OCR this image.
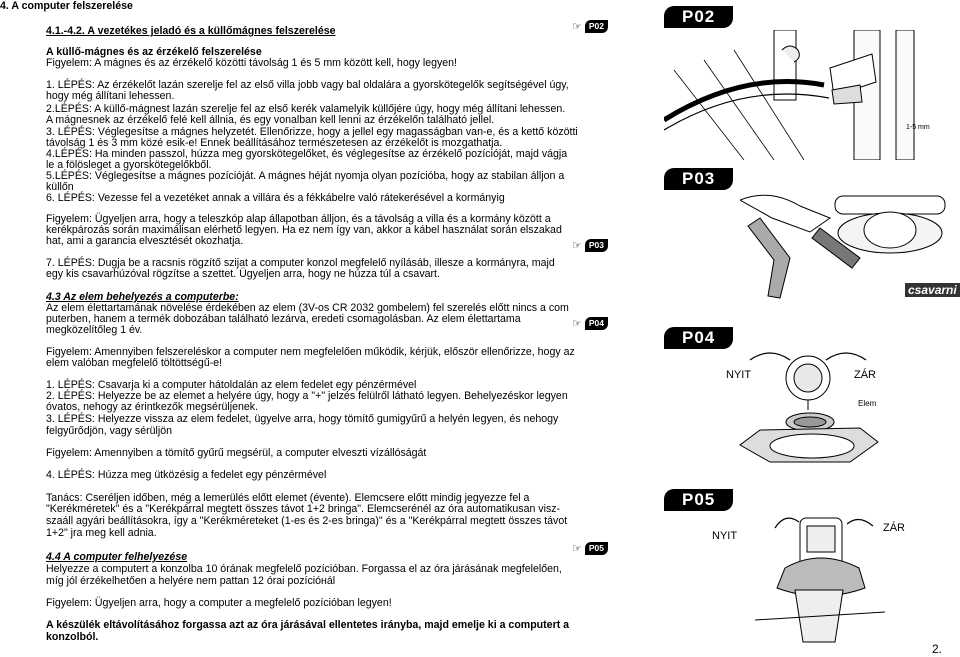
4. A computer felszerelése
4.1.-4.2. A vezetékes jeladó és a küllőmágnes felszerelése	☞ P02
A küllő-mágnes és az érzékelő felszerelése
Figyelem: A mágnes és az érzékelő közötti távolság 1 és 5 mm között kell, hogy legyen!
1. LÉPÉS: Az érzékelőt lazán szerelje fel az első villa jobb vagy bal oldalára a gyorskötegelők segítségével úgy,
hogy még állítani lehessen.
2.LÉPÉS: A küllő-mágnest lazán szerelje fel az első kerék valamelyik küllőjére úgy, hogy még állítani lehessen.
A mágnesnek az érzékelő felé kell állnia, és egy vonalban kell lenni az érzékelőn található jellel.
3. LÉPÉS: Véglegesítse a mágnes helyzetét. Ellenőrizze, hogy a jellel egy magasságban van-e, és a kettő közötti
távolság 1 és 3 mm közé esik-e! Ennek beállításához természetesen az érzékelőt is mozgathatja.
4.LÉPÉS: Ha minden passzol, húzza meg gyorskötegelőket, és véglegesítse az érzékelő pozícióját, majd vágja
le a fölösleget a gyorskötegelőkből.
5.LÉPÉS: Véglegesítse a mágnes pozícióját. A mágnes héját nyomja olyan pozícióba, hogy az stabilan álljon a
küllőn
6. LÉPÉS: Vezesse fel a vezetéket annak a villára és a fékkábelre való rátekerésével a kormányig
Figyelem: Ügyeljen arra, hogy a teleszkóp alap állapotban álljon, és a távolság a villa és a kormány között a
kerékpározás során maximálisan elérhető legyen. Ha ez nem így van, akkor a kábel használat során elszakad
hat, ami a garancia elvesztését okozhatja.	☞ P03
7. LÉPÉS: Dugja be a racsnis rögzítő szijat a computer konzol megfelelő nyílásáb, illesze a kormányra, majd
egy kis csavarhúzóval rögzítse a szettet. Ügyeljen arra, hogy ne húzza túl a csavart.
4.3 Az elem behelyezés a computerbe:
Az elem élettartamának növelése érdekében az elem (3V-os CR 2032 gombelem) fel szerelés előtt nincs a com
puterben, hanem a termék dobozában található lezárva, eredeti csomagolásban. Az elem élettartama
megközelítőleg 1 év.	☞ P04
Figyelem: Amennyiben felszereléskor a computer nem megfelelően működik, kérjük, először ellenőrizze, hogy az
elem valóban megfelelő töltöttségű-e!
1. LÉPÉS: Csavarja ki a computer hátoldalán az elem fedelet egy pénzérmével
2. LÉPÉS: Helyezze be az elemet a helyére úgy, hogy a "+" jelzés felülről látható legyen. Behelyezéskor legyen
óvatos, nehogy az érintkezők megsérüljenek.
3. LÉPÉS: Helyezze vissza az elem fedelet, ügyelve arra, hogy tömítő gumigyűrű a helyén legyen, és nehogy
felgyűrődjön, vagy sérüljön
Figyelem: Amennyiben a tömítő gyűrű megsérül, a computer elveszti vízállóságát
4. LÉPÉS: Húzza meg ütközésig a fedelet egy pénzérmével
Tanács: Cseréljen időben, még a lemerülés előtt elemet (évente). Elemcsere előtt mindig jegyezze fel a
"Kerékméretek" és a "Kerékpárral megtett összes távot 1+2 bringa". Elemcserénél az óra automatikusan visz-
szaáll agyári beállításokra, így a "Kerékméreteket (1-es és 2-es bringa)" és a "Kerékpárral megtett összes távot
1+2" jra meg kell adnia.
4.4 A computer felhelyezése
☞ P05
Helyezze a computert a konzolba 10 órának megfelelő pozícióban. Forgassa el az óra járásának megfelelően,
míg jól érzékelhetően a helyére nem pattan 12 órai pozícióнál
Figyelem: Ügyeljen arra, hogy a computer a megfelelő pozícióban legyen!
A készülék eltávolításához forgassa azt az óra járásával ellentetes irányba, majd emelje ki a computert a
konzolból.
2.
P02
1-5 mm
P03
csavarni
P04
NYIT	ZÁR
Elem
P05
NYIT
ZÁR
